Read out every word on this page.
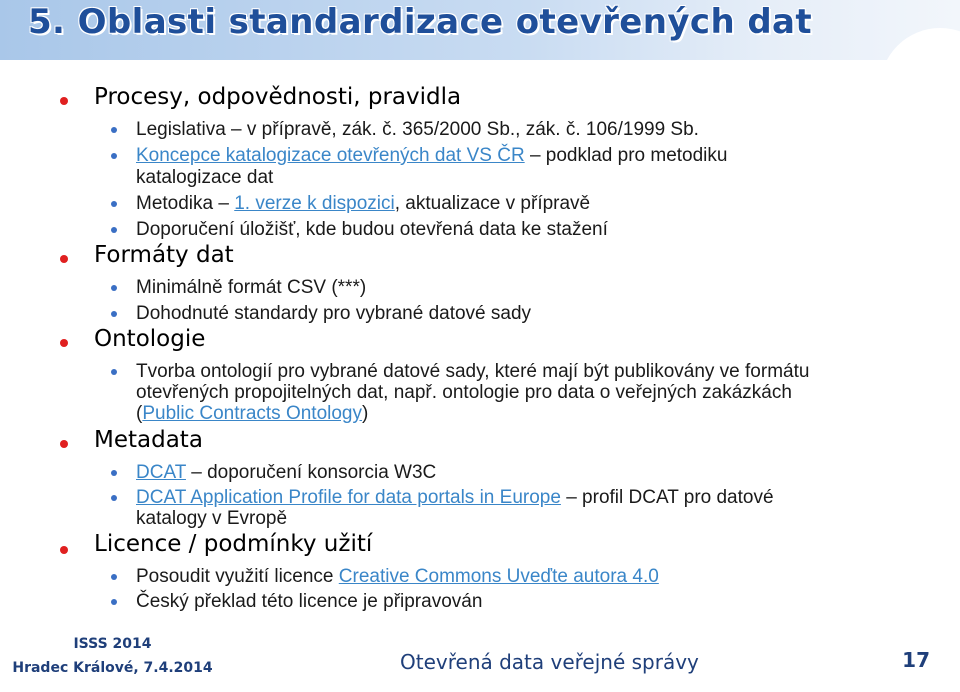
5. Oblasti standardizace otevřených dat
Procesy, odpovědnosti, pravidla
Legislativa – v přípravě, zák. č. 365/2000 Sb., zák. č. 106/1999 Sb.
Koncepce katalogizace otevřených dat VS ČR – podklad pro metodiku
katalogizace dat
Metodika – 1. verze k dispozici, aktualizace v přípravě
Doporučení úložišť, kde budou otevřená data ke stažení
Formáty dat
Minimálně formát CSV (***)
Dohodnuté standardy pro vybrané datové sady
Ontologie
Tvorba ontologií pro vybrané datové sady, které mají být publikovány ve formátu
otevřených propojitelných dat, např. ontologie pro data o veřejných zakázkách
(Public Contracts Ontology)
Metadata
DCAT – doporučení konsorcia W3C
DCAT Application Profile for data portals in Europe – profil DCAT pro datové
katalogy v Evropě
Licence / podmínky užití
Posoudit využití licence Creative Commons Uveďte autora 4.0
Český překlad této licence je připravován
ISSS 2014
Hradec Králové, 7.4.2014	Otevřená data veřejné správy	17
